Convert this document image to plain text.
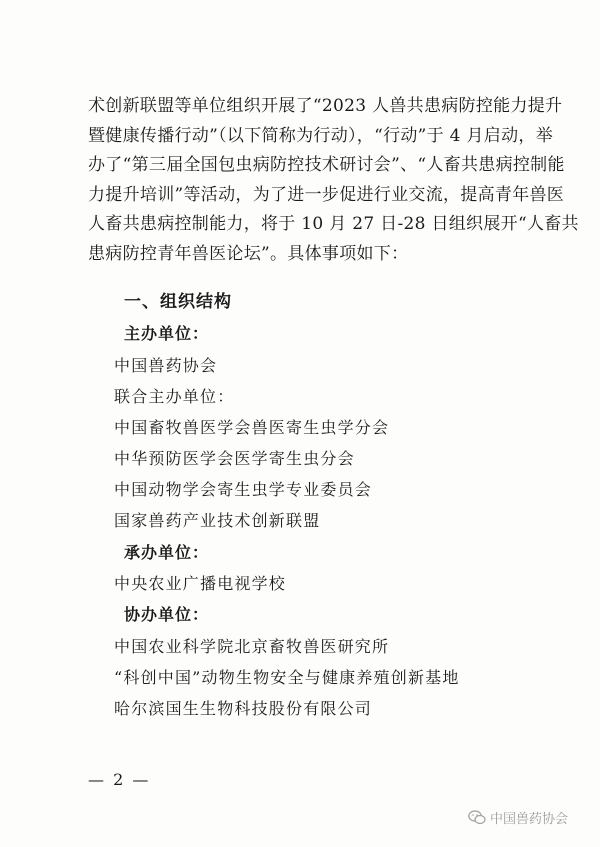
术创新联盟等单位组织开展了“2023 人兽共患病防控能力提升
暨健康传播行动”（以下简称为行动），“行动”于 4 月启动，举
办了“第三届全国包虫病防控技术研讨会”、“人畜共患病控制能
力提升培训”等活动，为了进一步促进行业交流，提高青年兽医
人畜共患病控制能力，将于 10 月 27 日-28 日组织展开“人畜共
患病防控青年兽医论坛”。具体事项如下：

一、组织结构

主办单位：

中国兽药协会

联合主办单位：

中国畜牧兽医学会兽医寄生虫学分会

中华预防医学会医学寄生虫分会

中国动物学会寄生虫学专业委员会

国家兽药产业技术创新联盟

承办单位：

中央农业广播电视学校

协办单位：

中国农业科学院北京畜牧兽医研究所

“科创中国”动物生物安全与健康养殖创新基地

哈尔滨国生生物科技股份有限公司

— 2 —

中国兽药协会
